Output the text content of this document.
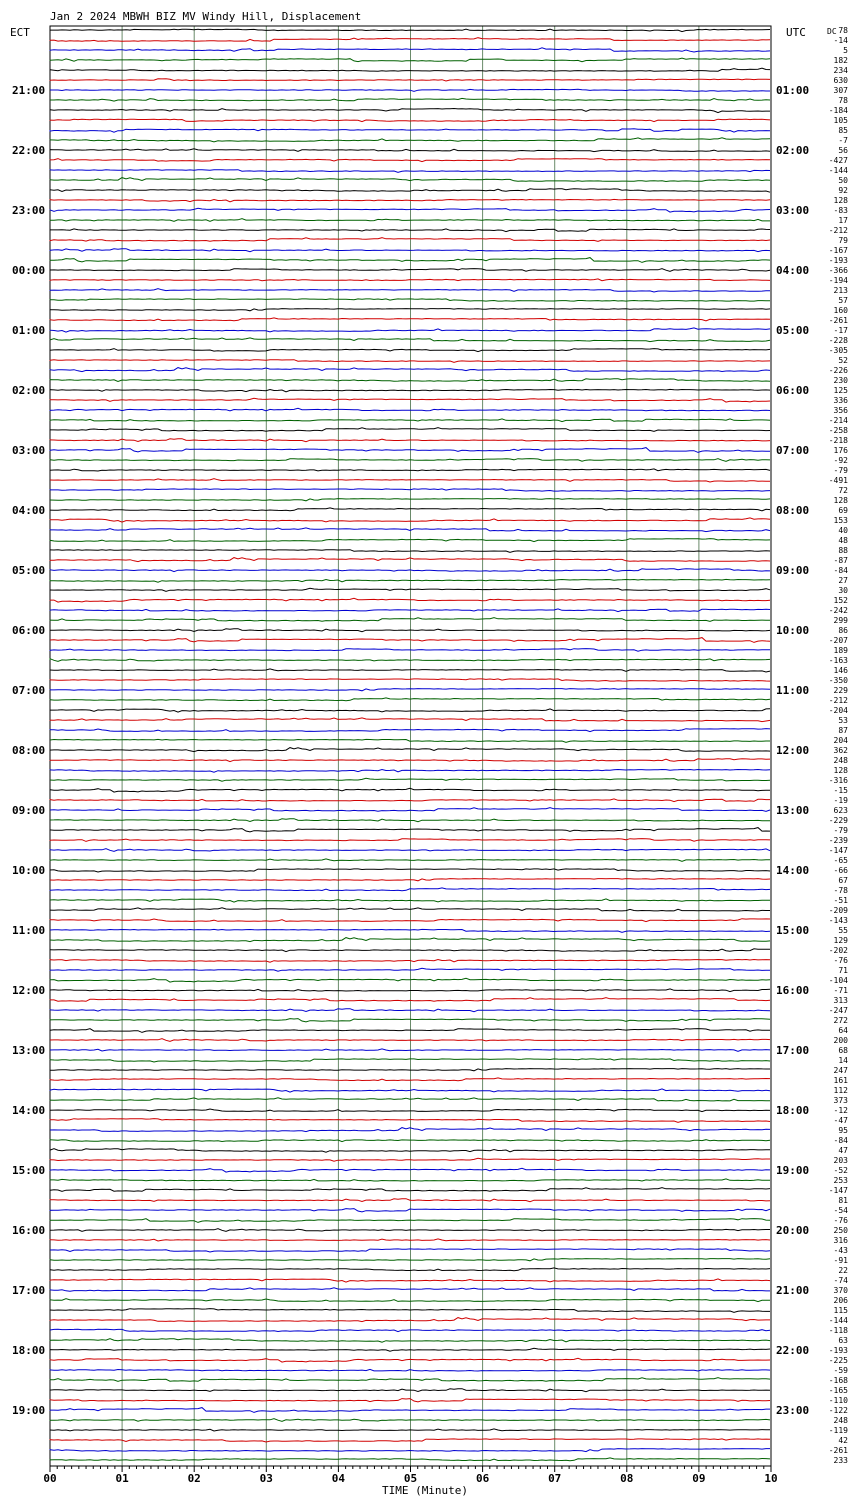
Jan 2 2024 MBWH BIZ MV Windy Hill, Displacement
ECT	UTC	DC
TIME (Minute)
21:00
22:00
23:00
00:00
01:00
02:00
03:00
04:00
05:00
06:00
07:00
08:00
09:00
10:00
11:00
12:00
13:00
14:00
15:00
16:00
17:00
18:00
19:00
01:00
02:00
03:00
04:00
05:00
06:00
07:00
08:00
09:00
10:00
11:00
12:00
13:00
14:00
15:00
16:00
17:00
18:00
19:00
20:00
21:00
22:00
23:00
78
-14
5
182
234
630
307
78
-184
105
85
-7
56
-427
-144
50
92
128
-83
17
-212
79
-167
-193
-366
-194
213
57
160
-261
-17
-228
-305
52
-226
230
125
336
356
-214
-258
-218
176
-92
-79
-491
72
128
69
153
40
48
88
-87
-84
27
30
152
-242
299
86
-207
189
-163
146
-350
229
-212
-204
53
87
204
362
248
128
-316
-15
-19
623
-229
-79
-239
-147
-65
-66
67
-78
-51
-209
-143
55
129
-202
-76
71
-104
-71
313
-247
272
64
200
68
14
247
161
112
373
-12
-47
95
-84
47
203
-52
253
-147
81
-54
-76
250
316
-43
-91
22
-74
370
206
115
-144
-118
63
-193
-225
-59
-168
-165
-110
-122
248
-119
42
-261
233
00	01	02	03	04	05	06	07	08	09	10
